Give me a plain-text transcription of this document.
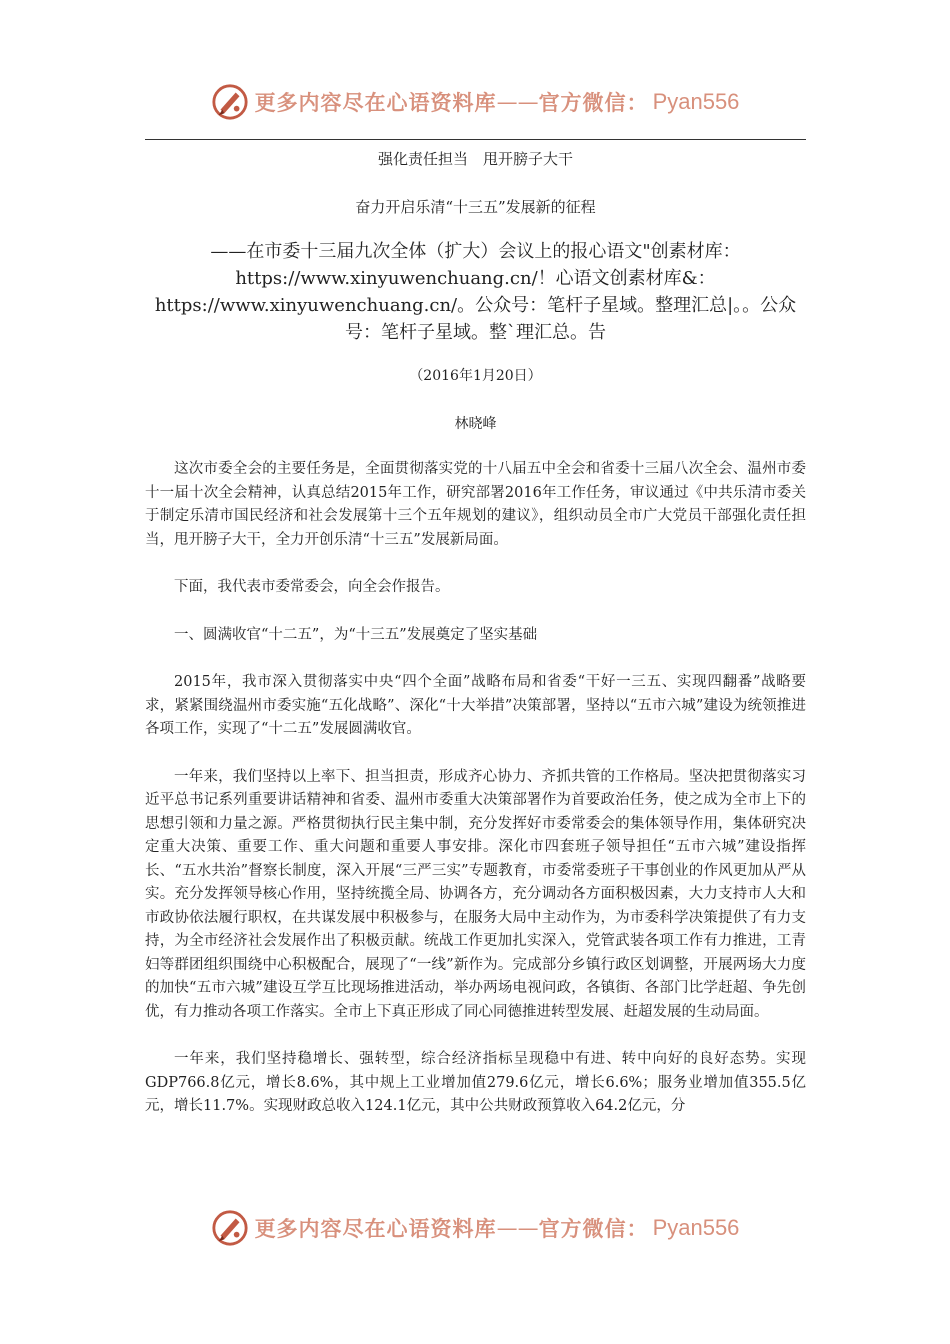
更多内容尽在心语资料库 —— 官方微信： Pyan556
强化责任担当　甩开膀子大干
奋力开启乐清“十三五”发展新的征程
——在市委十三届九次全体（扩大）会议上的报心语文"创素材库：https://www.xinyuwenchuang.cn/！心语文创素材库&：https://www.xinyuwenchuang.cn/。公众号：笔杆子星域。整理汇总|。。公众号：笔杆子星域。整`理汇总。告
（2016年1月20日）
林晓峰

这次市委全会的主要任务是，全面贯彻落实党的十八届五中全会和省委十三届八次全会、温州市委十一届十次全会精神，认真总结2015年工作，研究部署2016年工作任务，审议通过《中共乐清市委关于制定乐清市国民经济和社会发展第十三个五年规划的建议》，组织动员全市广大党员干部强化责任担当，甩开膀子大干，全力开创乐清“十三五”发展新局面。

下面，我代表市委常委会，向全会作报告。

一、圆满收官“十二五”，为“十三五”发展奠定了坚实基础

2015年，我市深入贯彻落实中央“四个全面”战略布局和省委“干好一三五、实现四翻番”战略要求，紧紧围绕温州市委实施“五化战略”、深化“十大举措”决策部署，坚持以“五市六城”建设为统领推进各项工作，实现了“十二五”发展圆满收官。

一年来，我们坚持以上率下、担当担责，形成齐心协力、齐抓共管的工作格局。坚决把贯彻落实习近平总书记系列重要讲话精神和省委、温州市委重大决策部署作为首要政治任务，使之成为全市上下的思想引领和力量之源。严格贯彻执行民主集中制，充分发挥好市委常委会的集体领导作用，集体研究决定重大决策、重要工作、重大问题和重要人事安排。深化市四套班子领导担任“五市六城”建设指挥长、“五水共治”督察长制度，深入开展“三严三实”专题教育，市委常委班子干事创业的作风更加从严从实。充分发挥领导核心作用，坚持统揽全局、协调各方，充分调动各方面积极因素，大力支持市人大和市政协依法履行职权，在共谋发展中积极参与，在服务大局中主动作为，为市委科学决策提供了有力支持，为全市经济社会发展作出了积极贡献。统战工作更加扎实深入，党管武装各项工作有力推进，工青妇等群团组织围绕中心积极配合，展现了“一线”新作为。完成部分乡镇行政区划调整，开展两场大力度的加快“五市六城”建设互学互比现场推进活动，举办两场电视问政，各镇街、各部门比学赶超、争先创优，有力推动各项工作落实。全市上下真正形成了同心同德推进转型发展、赶超发展的生动局面。

一年来，我们坚持稳增长、强转型，综合经济指标呈现稳中有进、转中向好的良好态势。实现GDP766.8亿元，增长8.6%，其中规上工业增加值279.6亿元，增长6.6%；服务业增加值355.5亿元，增长11.7%。实现财政总收入124.1亿元，其中公共财政预算收入64.2亿元，分

更多内容尽在心语资料库 —— 官方微信： Pyan556
